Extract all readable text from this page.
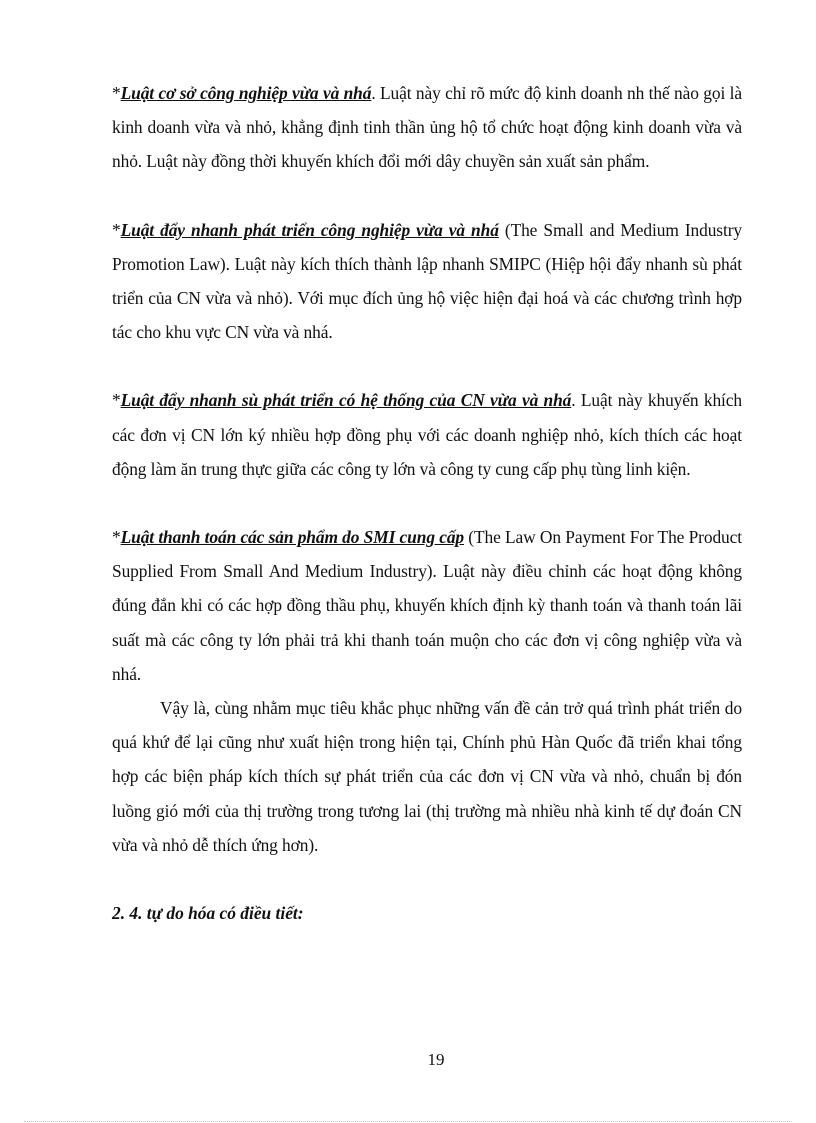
*Luật cơ sở công nghiệp vừa và nhá. Luật này chỉ rõ mức độ kinh doanh nh thế nào gọi là kinh doanh vừa và nhỏ, khẳng định tinh thần ủng hộ tổ chức hoạt động kinh doanh vừa và nhỏ. Luật này đồng thời khuyến khích đổi mới dây chuyền sản xuất sản phẩm.

*Luật đẩy nhanh phát triển công nghiệp vừa và nhá (The Small and Medium Industry Promotion Law). Luật này kích thích thành lập nhanh SMIPC (Hiệp hội đẩy nhanh sù phát triển của CN vừa và nhỏ). Với mục đích ủng hộ việc hiện đại hoá và các chương trình hợp tác cho khu vực CN vừa và nhá.

*Luật đẩy nhanh sù phát triển có hệ thống của CN vừa và nhá. Luật này khuyến khích các đơn vị CN lớn ký nhiều hợp đồng phụ với các doanh nghiệp nhỏ, kích thích các hoạt động làm ăn trung thực giữa các công ty lớn và công ty cung cấp phụ tùng linh kiện.

*Luật thanh toán các sản phẩm do SMI cung cấp (The Law On Payment For The Product Supplied From Small And Medium Industry). Luật này điều chỉnh các hoạt động không đúng đắn khi có các hợp đồng thầu phụ, khuyến khích định kỳ thanh toán và thanh toán lãi suất mà các công ty lớn phải trả khi thanh toán muộn cho các đơn vị công nghiệp vừa và nhá.

Vậy là, cùng nhằm mục tiêu khắc phục những vấn đề cản trở quá trình phát triển do quá khứ để lại cũng như xuất hiện trong hiện tại, Chính phủ Hàn Quốc đã triển khai tổng hợp các biện pháp kích thích sự phát triển của các đơn vị CN vừa và nhỏ, chuẩn bị đón luồng gió mới của thị trường trong tương lai (thị trường mà nhiều nhà kinh tế dự đoán CN vừa và nhỏ dễ thích ứng hơn).

2. 4. tự do hóa có điều tiết:

19
